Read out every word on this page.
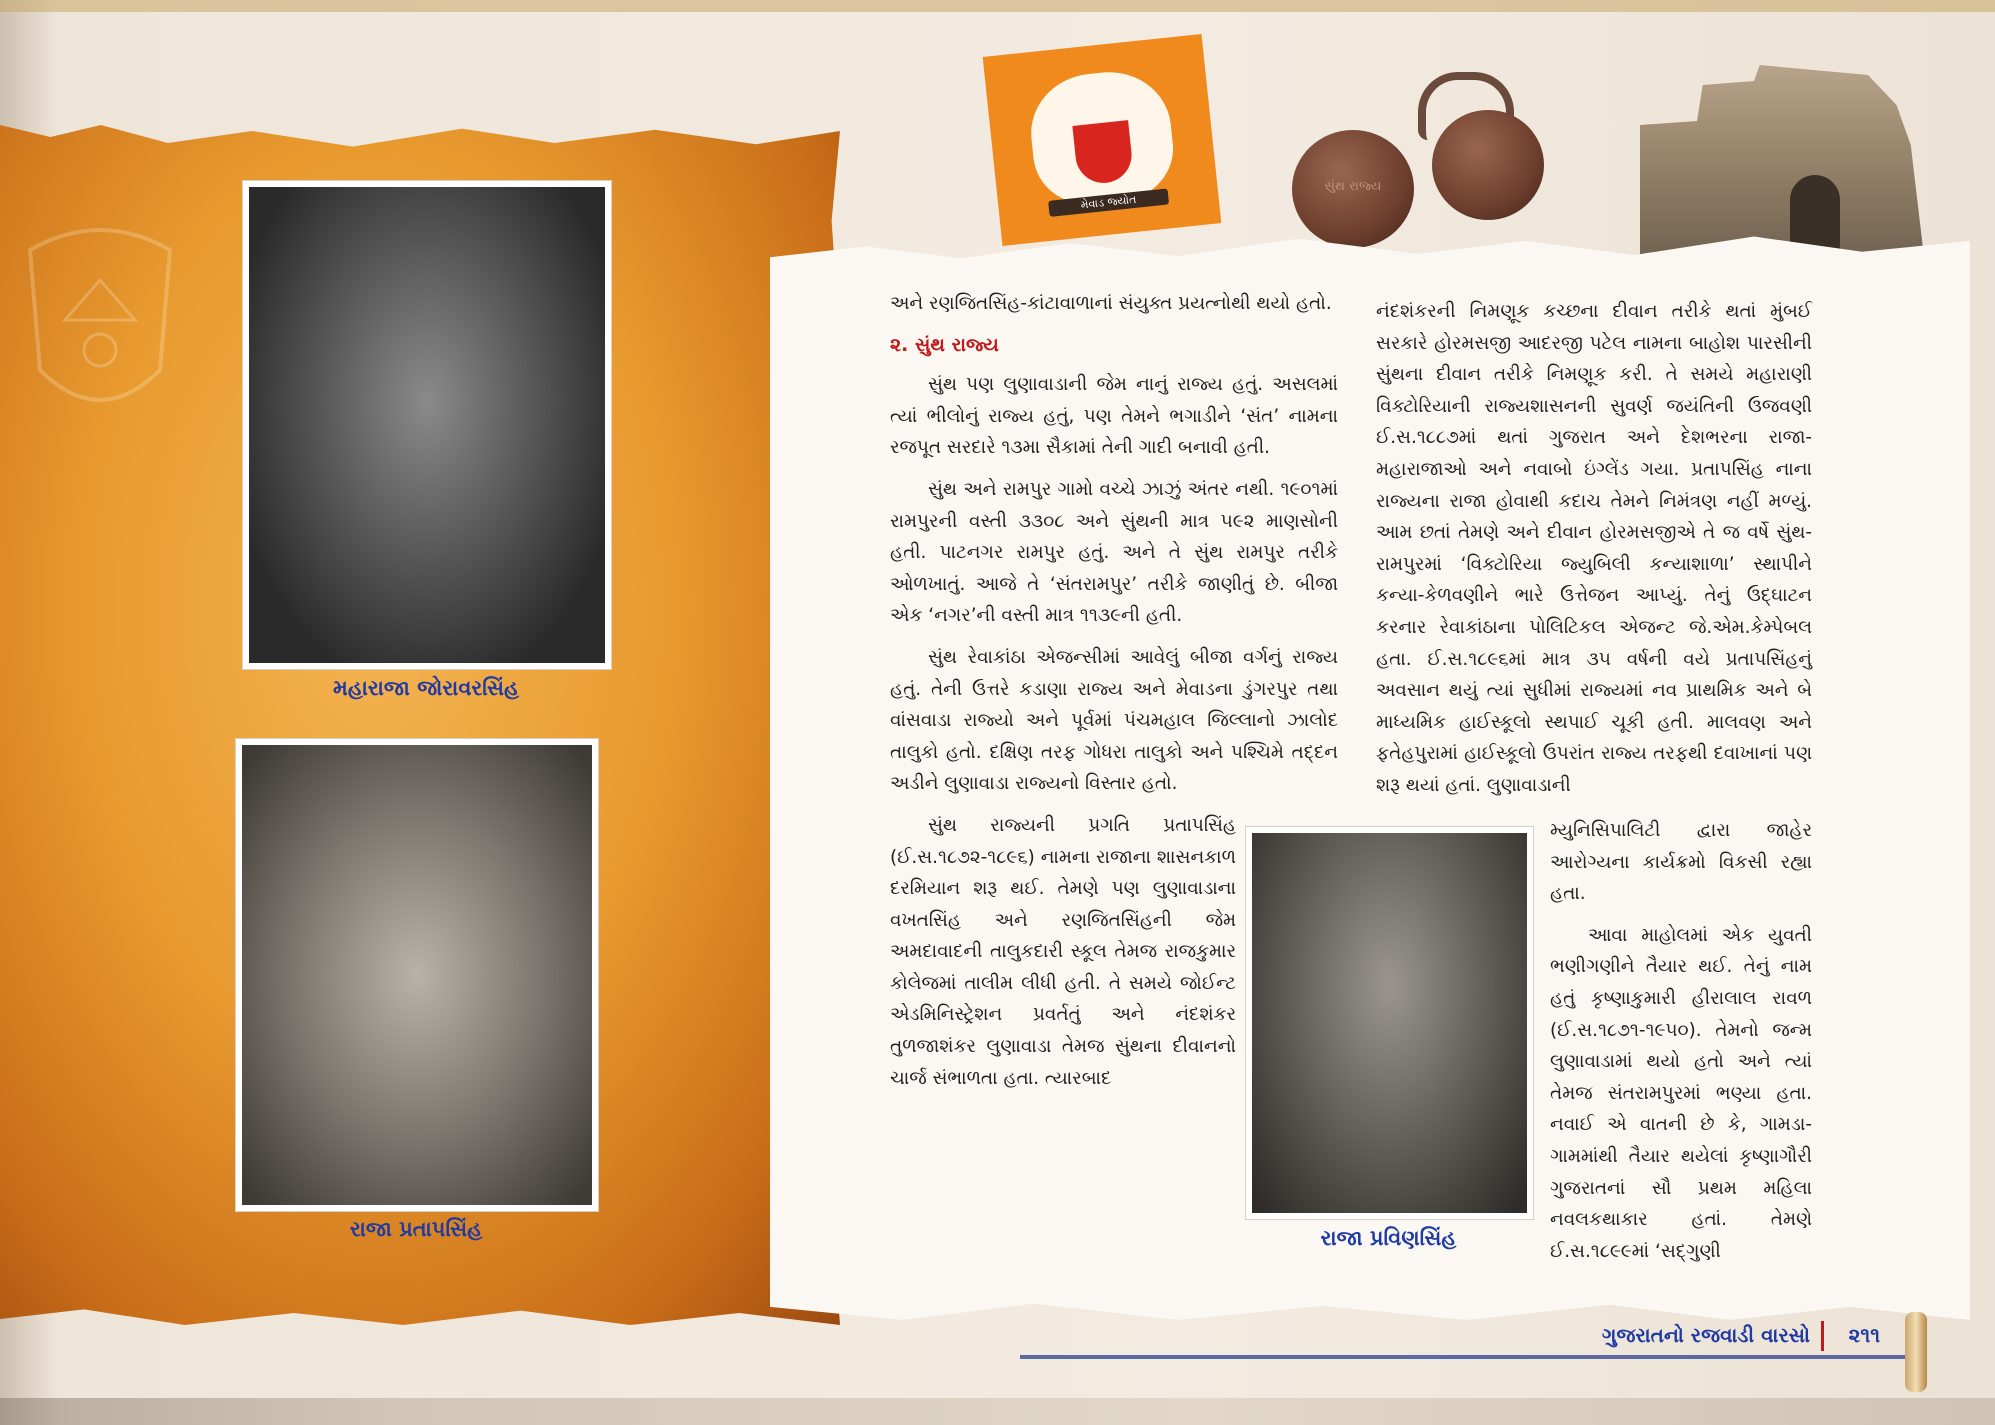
મહારાજા જોરાવરસિંહ
રાજા પ્રતાપસિંહ
મેવાડ જ્યોત
સુંથ રાજ્ય

અને રણજિતસિંહ-કાંટાવાળાનાં સંયુક્ત પ્રયત્નોથી થયો હતો.

૨. સુંથ રાજ્ય

સુંથ પણ લુણાવાડાની જેમ નાનું રાજ્ય હતું. અસલમાં ત્યાં ભીલોનું રાજ્ય હતું, પણ તેમને ભગાડીને ‘સંત’ નામના રજપૂત સરદારે ૧૩મા સૈકામાં તેની ગાદી બનાવી હતી.

સુંથ અને રામપુર ગામો વચ્ચે ઝાઝું અંતર નથી. ૧૯૦૧માં રામપુરની વસ્તી ૩૩૦૮ અને સુંથની માત્ર ૫૯૨ માણસોની હતી. પાટનગર રામપુર હતું. અને તે સુંથ રામપુર તરીકે ઓળખાતું. આજે તે ‘સંતરામપુર’ તરીકે જાણીતું છે. બીજા એક ‘નગર’ની વસ્તી માત્ર ૧૧૩૯ની હતી.

સુંથ રેવાકાંઠા એજન્સીમાં આવેલું બીજા વર્ગનું રાજ્ય હતું. તેની ઉત્તરે કડાણા રાજ્ય અને મેવાડના ડુંગરપુર તથા વાંસવાડા રાજ્યો અને પૂર્વમાં પંચમહાલ જિલ્લાનો ઝાલોદ તાલુકો હતો. દક્ષિણ તરફ ગોધરા તાલુકો અને પશ્ચિમે તદ્દન અડીને લુણાવાડા રાજ્યનો વિસ્તાર હતો.

સુંથ રાજ્યની પ્રગતિ પ્રતાપસિંહ (ઈ.સ.૧૮૭૨-૧૮૯૬) નામના રાજાના શાસનકાળ દરમિયાન શરૂ થઈ. તેમણે પણ લુણાવાડાના વખતસિંહ અને રણજિતસિંહની જેમ અમદાવાદની તાલુકદારી સ્કૂલ તેમજ રાજકુમાર કોલેજમાં તાલીમ લીધી હતી. તે સમયે જોઈન્ટ એડમિનિસ્ટ્રેશન પ્રવર્તતું અને નંદશંકર તુળજાશંકર લુણાવાડા તેમજ સુંથના દીવાનનો ચાર્જ સંભાળતા હતા. ત્યારબાદ

નંદશંકરની નિમણૂક કચ્છના દીવાન તરીકે થતાં મુંબઈ સરકારે હોરમસજી આદરજી પટેલ નામના બાહોશ પારસીની સુંથના દીવાન તરીકે નિમણૂક કરી. તે સમયે મહારાણી વિક્ટોરિયાની રાજ્યશાસનની સુવર્ણ જયંતિની ઉજવણી ઈ.સ.૧૮૮૭માં થતાં ગુજરાત અને દેશભરના રાજા-મહારાજાઓ અને નવાબો ઇંગ્લેંડ ગયા. પ્રતાપસિંહ નાના રાજ્યના રાજા હોવાથી કદાચ તેમને નિમંત્રણ નહીં મળ્યું. આમ છતાં તેમણે અને દીવાન હોરમસજીએ તે જ વર્ષે સુંથ-રામપુરમાં ‘વિક્ટોરિયા જ્યુબિલી કન્યાશાળા’ સ્થાપીને કન્યા-કેળવણીને ભારે ઉત્તેજન આપ્યું. તેનું ઉદ્ઘાટન કરનાર રેવાકાંઠાના પોલિટિકલ એજન્ટ જે.એમ.કેમ્પેબલ હતા. ઈ.સ.૧૮૯૬માં માત્ર ૩૫ વર્ષની વયે પ્રતાપસિંહનું અવસાન થયું ત્યાં સુધીમાં રાજ્યમાં નવ પ્રાથમિક અને બે માધ્યમિક હાઈસ્કૂલો સ્થપાઈ ચૂકી હતી. માલવણ અને ફતેહપુરામાં હાઈસ્કૂલો ઉપરાંત રાજ્ય તરફથી દવાખાનાં પણ શરૂ થયાં હતાં. લુણાવાડાની

મ્યુનિસિપાલિટી દ્વારા જાહેર આરોગ્યના કાર્યક્રમો વિકસી રહ્યા હતા.

આવા માહોલમાં એક યુવતી ભણીગણીને તૈયાર થઈ. તેનું નામ હતું કૃષ્ણાકુમારી હીરાલાલ રાવળ (ઈ.સ.૧૮૭૧-૧૯૫૦). તેમનો જન્મ લુણાવાડામાં થયો હતો અને ત્યાં તેમજ સંતરામપુરમાં ભણ્યા હતા. નવાઈ એ વાતની છે કે, ગામડા-ગામમાંથી તૈયાર થયેલાં કૃષ્ણાગૌરી ગુજરાતનાં સૌ પ્રથમ મહિલા નવલકથાકાર હતાં. તેમણે ઈ.સ.૧૮૯૯માં ‘સદ્ગુણી

રાજા પ્રવિણસિંહ
ગુજરાતનો રજવાડી વારસો ૨૧૧
